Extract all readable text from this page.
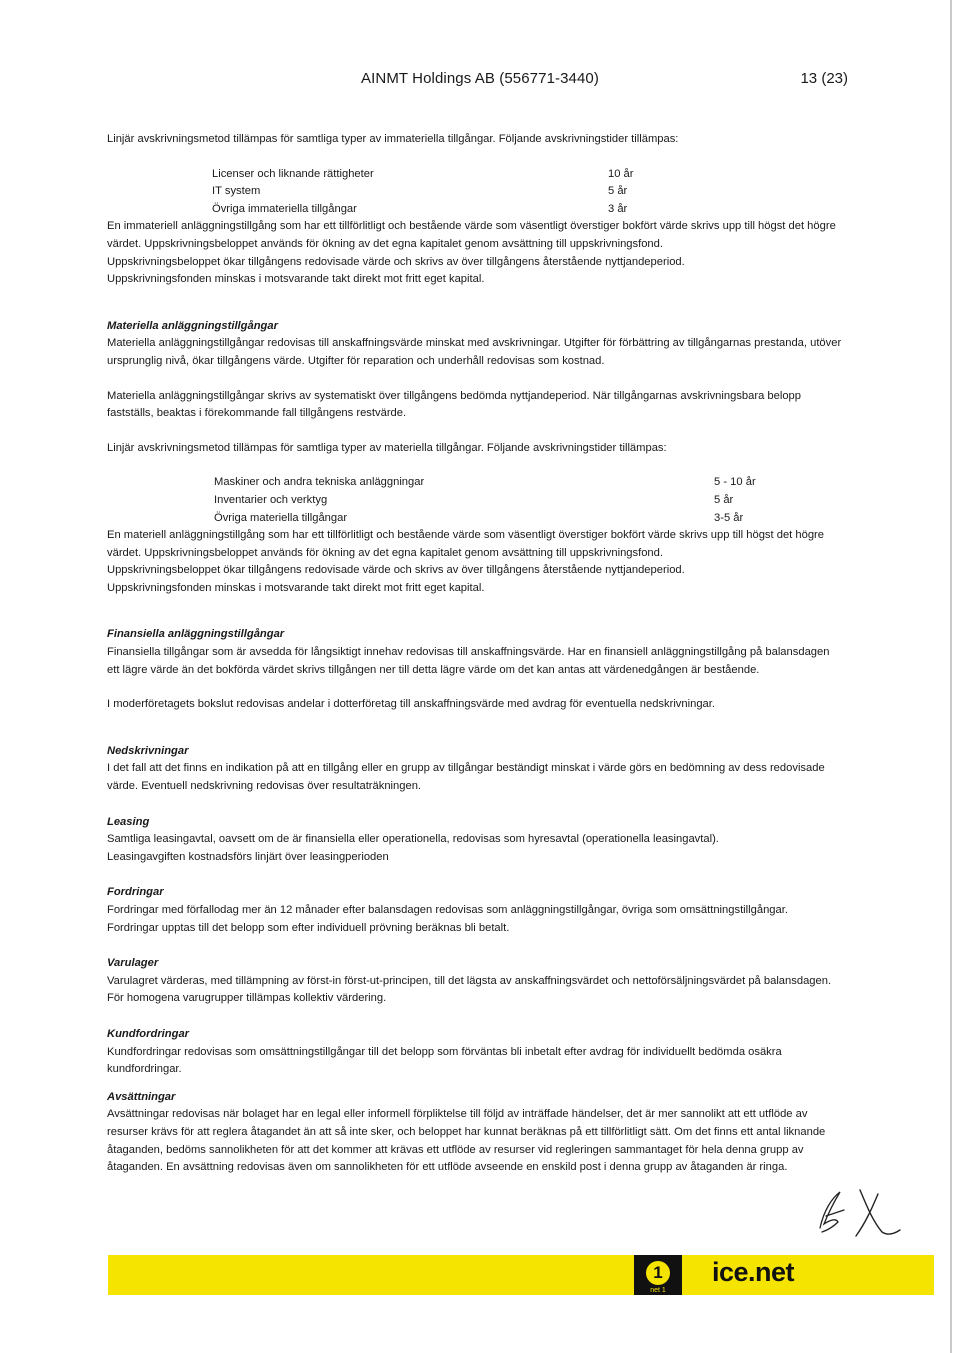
AINMT Holdings AB (556771-3440)	13 (23)

Linjär avskrivningsmetod tillämpas för samtliga typer av immateriella tillgångar. Följande avskrivningstider tillämpas:

Licenser och liknande rättigheter	10 år
IT system	5 år
Övriga immateriella tillgångar	3 år

En immateriell anläggningstillgång som har ett tillförlitligt och bestående värde som väsentligt överstiger bokfört värde skrivs upp till högst det högre värdet. Uppskrivningsbeloppet används för ökning av det egna kapitalet genom avsättning till uppskrivningsfond.

Uppskrivningsbeloppet ökar tillgångens redovisade värde och skrivs av över tillgångens återstående nyttjandeperiod.

Uppskrivningsfonden minskas i motsvarande takt direkt mot fritt eget kapital.

Materiella anläggningstillgångar

Materiella anläggningstillgångar redovisas till anskaffningsvärde minskat med avskrivningar. Utgifter för förbättring av tillgångarnas prestanda, utöver ursprunglig nivå, ökar tillgångens värde. Utgifter för reparation och underhåll redovisas som kostnad.

Materiella anläggningstillgångar skrivs av systematiskt över tillgångens bedömda nyttjandeperiod. När tillgångarnas avskrivningsbara belopp fastställs, beaktas i förekommande fall tillgångens restvärde.

Linjär avskrivningsmetod tillämpas för samtliga typer av materiella tillgångar. Följande avskrivningstider tillämpas:

Maskiner och andra tekniska anläggningar	5 - 10 år
Inventarier och verktyg	5 år
Övriga materiella tillgångar	3-5 år

En materiell anläggningstillgång som har ett tillförlitligt och bestående värde som väsentligt överstiger bokfört värde skrivs upp till högst det högre värdet. Uppskrivningsbeloppet används för ökning av det egna kapitalet genom avsättning till uppskrivningsfond.

Uppskrivningsbeloppet ökar tillgångens redovisade värde och skrivs av över tillgångens återstående nyttjandeperiod.

Uppskrivningsfonden minskas i motsvarande takt direkt mot fritt eget kapital.

Finansiella anläggningstillgångar

Finansiella tillgångar som är avsedda för långsiktigt innehav redovisas till anskaffningsvärde. Har en finansiell anläggningstillgång på balansdagen ett lägre värde än det bokförda värdet skrivs tillgången ner till detta lägre värde om det kan antas att värdenedgången är bestående.

I moderföretagets bokslut redovisas andelar i dotterföretag till anskaffningsvärde med avdrag för eventuella nedskrivningar.

Nedskrivningar

I det fall att det finns en indikation på att en tillgång eller en grupp av tillgångar beständigt minskat i värde görs en bedömning av dess redovisade värde. Eventuell nedskrivning redovisas över resultaträkningen.

Leasing

Samtliga leasingavtal, oavsett om de är finansiella eller operationella, redovisas som hyresavtal (operationella leasingavtal).

Leasingavgiften kostnadsförs linjärt över leasingperioden

Fordringar

Fordringar med förfallodag mer än 12 månader efter balansdagen redovisas som anläggningstillgångar, övriga som omsättningstillgångar. Fordringar upptas till det belopp som efter individuell prövning beräknas bli betalt.

Varulager

Varulagret värderas, med tillämpning av först-in först-ut-principen, till det lägsta av anskaffningsvärdet och nettoförsäljningsvärdet på balansdagen. För homogena varugrupper tillämpas kollektiv värdering.

Kundfordringar

Kundfordringar redovisas som omsättningstillgångar till det belopp som förväntas bli inbetalt efter avdrag för individuellt bedömda osäkra kundfordringar.

Avsättningar

Avsättningar redovisas när bolaget har en legal eller informell förpliktelse till följd av inträffade händelser, det är mer sannolikt att ett utflöde av resurser krävs för att reglera åtagandet än att så inte sker, och beloppet har kunnat beräknas på ett tillförlitligt sätt. Om det finns ett antal liknande åtaganden, bedöms sannolikheten för att det kommer att krävas ett utflöde av resurser vid regleringen sammantaget för hela denna grupp av åtaganden. En avsättning redovisas även om sannolikheten för ett utflöde avseende en enskild post i denna grupp av åtaganden är ringa.

1
net 1
ice.net
